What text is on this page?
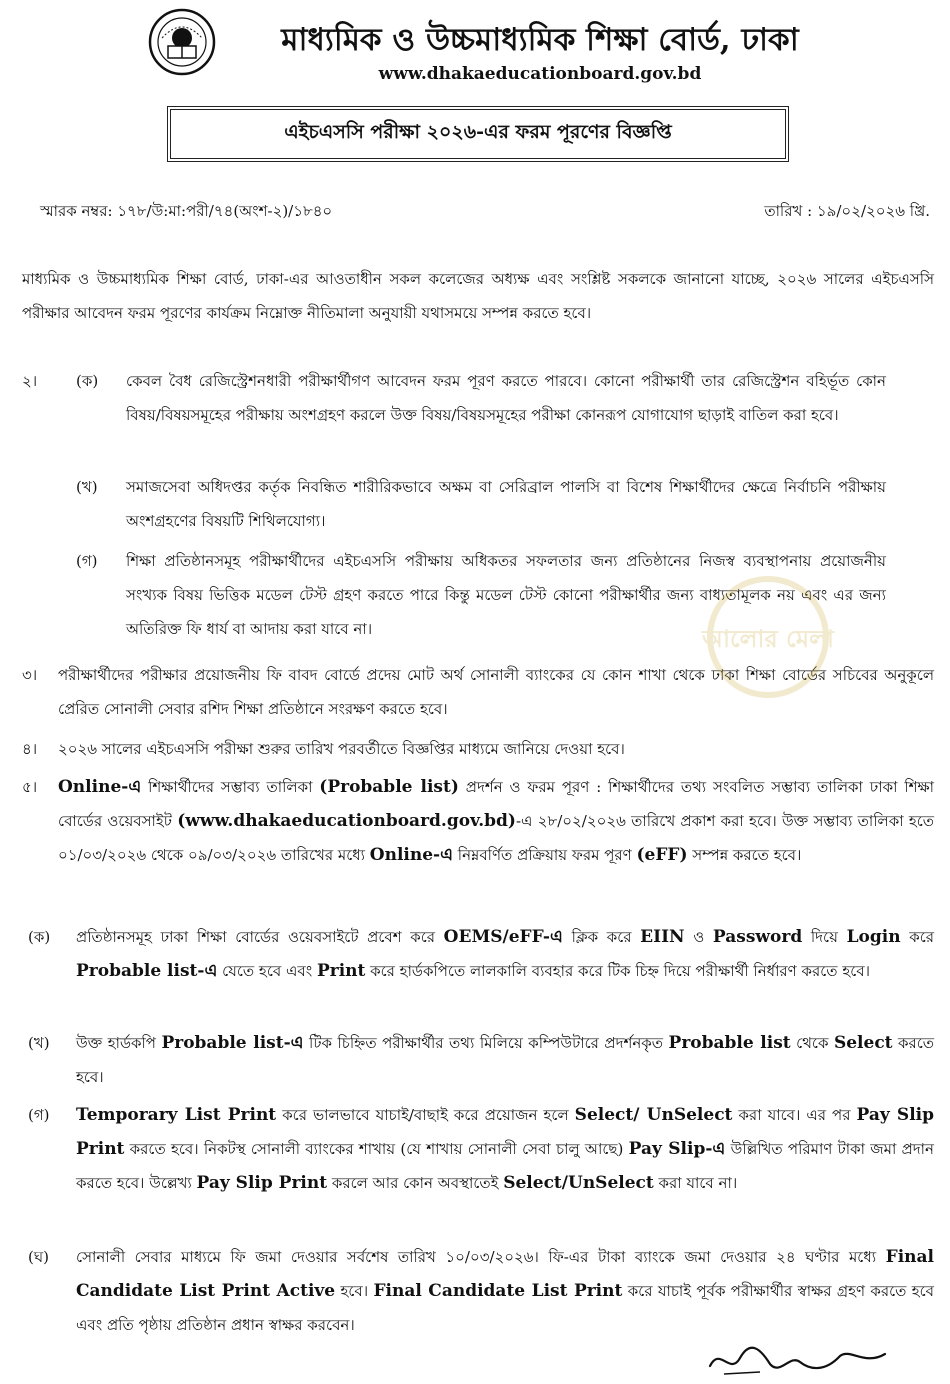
মাধ্যমিক ও উচ্চমাধ্যমিক শিক্ষা বোর্ড, ঢাকা
www.dhakaeducationboard.gov.bd
এইচএসসি পরীক্ষা ২০২৬-এর ফরম পূরণের বিজ্ঞপ্তি
স্মারক নম্বর: ১৭৮/উ:মা:পরী/৭৪(অংশ-২)/১৮৪০	তারিখ : ১৯/০২/২০২৬ খ্রি.
মাধ্যমিক ও উচ্চমাধ্যমিক শিক্ষা বোর্ড, ঢাকা-এর আওতাধীন সকল কলেজের অধ্যক্ষ এবং সংশ্লিষ্ট সকলকে জানানো যাচ্ছে, ২০২৬ সালের এইচএসসি পরীক্ষার আবেদন ফরম পূরণের কার্যক্রম নিম্নোক্ত নীতিমালা অনুযায়ী যথাসময়ে সম্পন্ন করতে হবে।
২।	(ক) কেবল বৈধ রেজিস্ট্রেশনধারী পরীক্ষার্থীগণ আবেদন ফরম পূরণ করতে পারবে। কোনো পরীক্ষার্থী তার রেজিস্ট্রেশন বহির্ভূত কোন বিষয়/বিষয়সমূহের পরীক্ষায় অংশগ্রহণ করলে উক্ত বিষয়/বিষয়সমূহের পরীক্ষা কোনরূপ যোগাযোগ ছাড়াই বাতিল করা হবে।
(খ) সমাজসেবা অধিদপ্তর কর্তৃক নিবন্ধিত শারীরিকভাবে অক্ষম বা সেরিব্রাল পালসি বা বিশেষ শিক্ষার্থীদের ক্ষেত্রে নির্বাচনি পরীক্ষায় অংশগ্রহণের বিষয়টি শিথিলযোগ্য।
(গ) শিক্ষা প্রতিষ্ঠানসমূহ পরীক্ষার্থীদের এইচএসসি পরীক্ষায় অধিকতর সফলতার জন্য প্রতিষ্ঠানের নিজস্ব ব্যবস্থাপনায় প্রয়োজনীয় সংখ্যক বিষয় ভিত্তিক মডেল টেস্ট গ্রহণ করতে পারে কিন্তু মডেল টেস্ট কোনো পরীক্ষার্থীর জন্য বাধ্যতামূলক নয় এবং এর জন্য অতিরিক্ত ফি ধার্য বা আদায় করা যাবে না।
৩। পরীক্ষার্থীদের পরীক্ষার প্রয়োজনীয় ফি বাবদ বোর্ডে প্রদেয় মোট অর্থ সোনালী ব্যাংকের যে কোন শাখা থেকে ঢাকা শিক্ষা বোর্ডের সচিবের অনুকূলে প্রেরিত সোনালী সেবার রশিদ শিক্ষা প্রতিষ্ঠানে সংরক্ষণ করতে হবে।
৪। ২০২৬ সালের এইচএসসি পরীক্ষা শুরুর তারিখ পরবর্তীতে বিজ্ঞপ্তির মাধ্যমে জানিয়ে দেওয়া হবে।
৫। Online-এ শিক্ষার্থীদের সম্ভাব্য তালিকা (Probable list) প্রদর্শন ও ফরম পূরণ : শিক্ষার্থীদের তথ্য সংবলিত সম্ভাব্য তালিকা ঢাকা শিক্ষা বোর্ডের ওয়েবসাইট (www.dhakaeducationboard.gov.bd)-এ ২৮/০২/২০২৬ তারিখে প্রকাশ করা হবে। উক্ত সম্ভাব্য তালিকা হতে ০১/০৩/২০২৬ থেকে ০৯/০৩/২০২৬ তারিখের মধ্যে Online-এ নিম্নবর্ণিত প্রক্রিয়ায় ফরম পূরণ (eFF) সম্পন্ন করতে হবে।
(ক) প্রতিষ্ঠানসমূহ ঢাকা শিক্ষা বোর্ডের ওয়েবসাইটে প্রবেশ করে OEMS/eFF-এ ক্লিক করে EIIN ও Password দিয়ে Login করে Probable list-এ যেতে হবে এবং Print করে হার্ডকপিতে লালকালি ব্যবহার করে টিক চিহ্ন দিয়ে পরীক্ষার্থী নির্ধারণ করতে হবে।
(খ) উক্ত হার্ডকপি Probable list-এ টিক চিহ্নিত পরীক্ষার্থীর তথ্য মিলিয়ে কম্পিউটারে প্রদর্শনকৃত Probable list থেকে Select করতে হবে।
(গ) Temporary List Print করে ভালভাবে যাচাই/বাছাই করে প্রয়োজন হলে Select/ UnSelect করা যাবে। এর পর Pay Slip Print করতে হবে। নিকটস্থ সোনালী ব্যাংকের শাখায় (যে শাখায় সোনালী সেবা চালু আছে) Pay Slip-এ উল্লিখিত পরিমাণ টাকা জমা প্রদান করতে হবে। উল্লেখ্য Pay Slip Print করলে আর কোন অবস্থাতেই Select/UnSelect করা যাবে না।
(ঘ) সোনালী সেবার মাধ্যমে ফি জমা দেওয়ার সর্বশেষ তারিখ ১০/০৩/২০২৬। ফি-এর টাকা ব্যাংকে জমা দেওয়ার ২৪ ঘণ্টার মধ্যে Final Candidate List Print Active হবে। Final Candidate List Print করে যাচাই পূর্বক পরীক্ষার্থীর স্বাক্ষর গ্রহণ করতে হবে এবং প্রতি পৃষ্ঠায় প্রতিষ্ঠান প্রধান স্বাক্ষর করবেন।
আলোর মেলা
